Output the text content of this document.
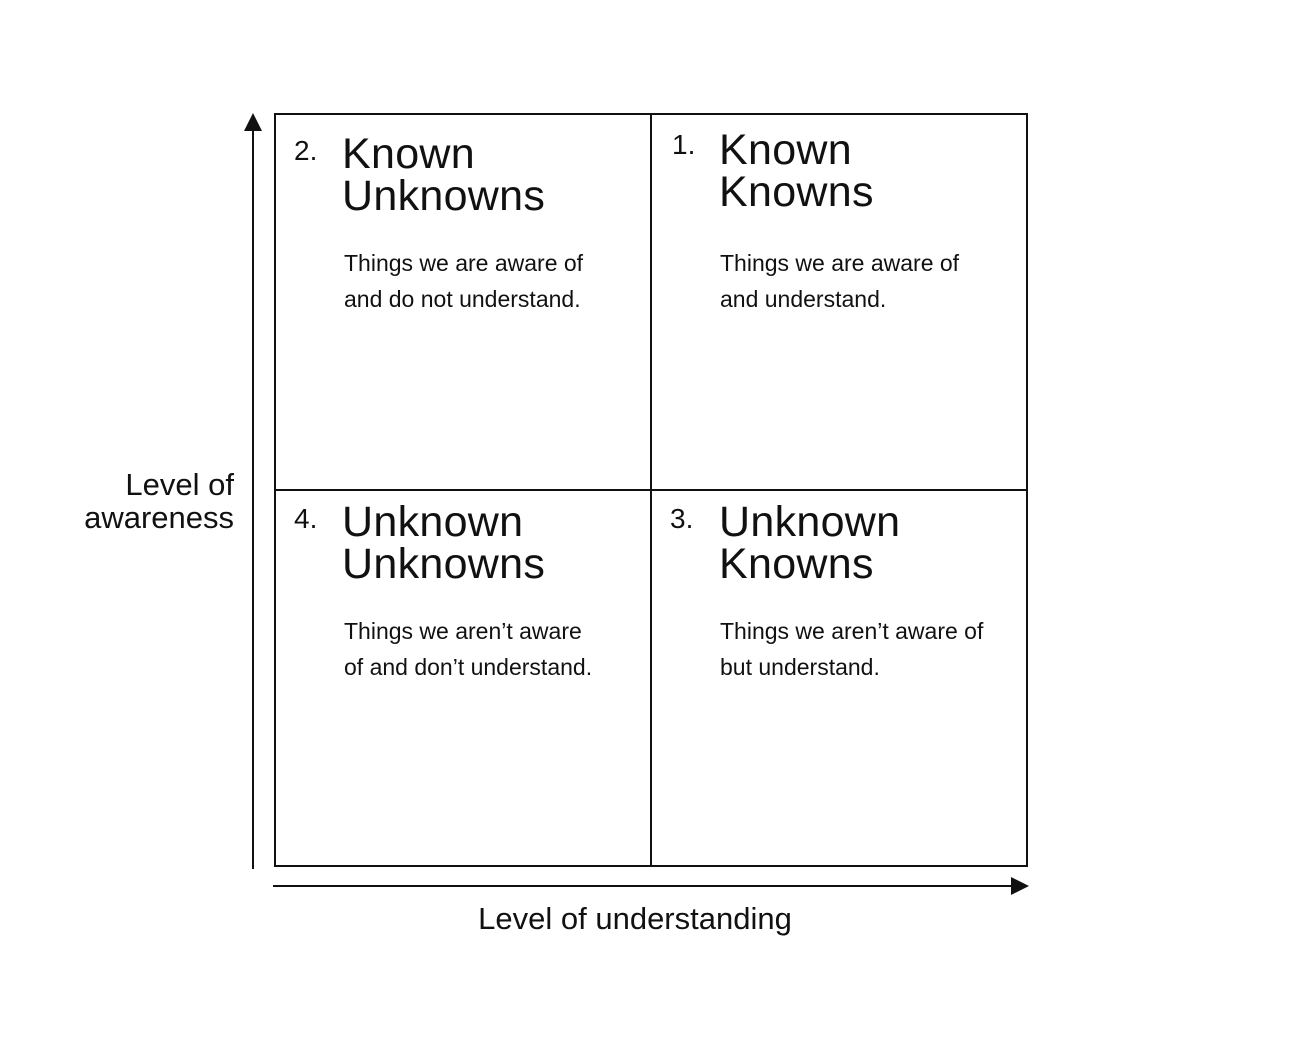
Level of
awareness
2. Known
Unknowns
Things we are aware of
and do not understand.
1. Known
Knowns
Things we are aware of
and understand.
4. Unknown
Unknowns
Things we aren’t aware
of and don’t understand.
3. Unknown
Knowns
Things we aren’t aware of
but understand.
Level of understanding
